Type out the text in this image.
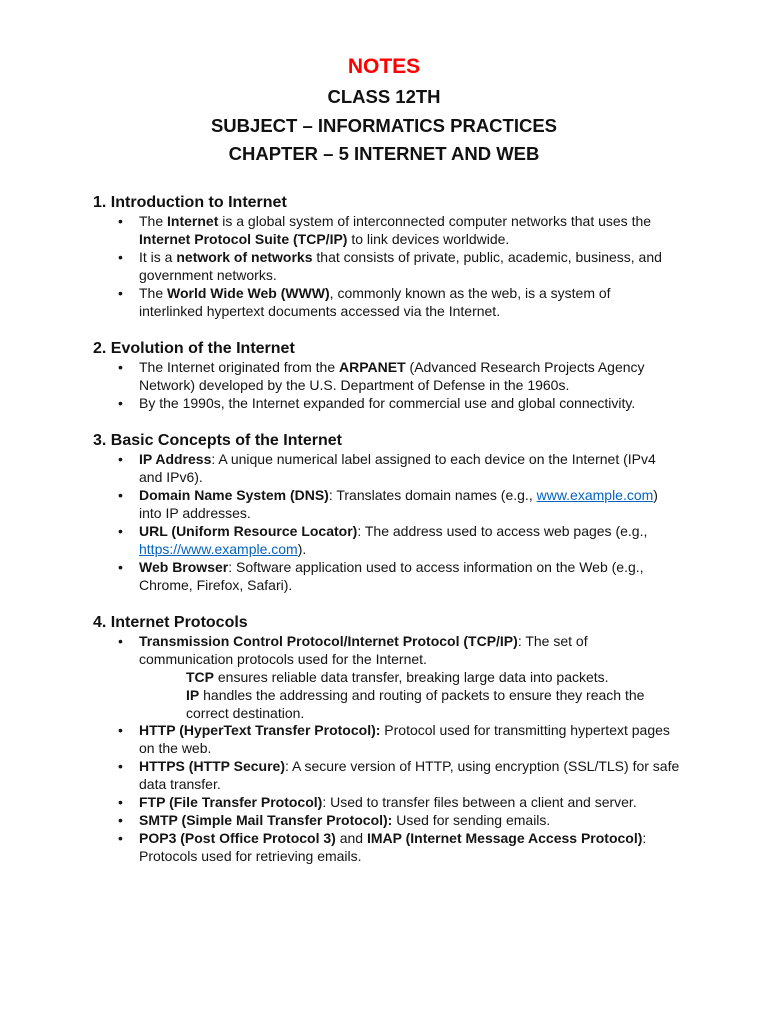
NOTES
CLASS 12TH
SUBJECT – INFORMATICS PRACTICES
CHAPTER – 5 INTERNET AND WEB
1. Introduction to Internet
• The Internet is a global system of interconnected computer networks that uses the
Internet Protocol Suite (TCP/IP) to link devices worldwide.
• It is a network of networks that consists of private, public, academic, business, and
government networks.
• The World Wide Web (WWW), commonly known as the web, is a system of
interlinked hypertext documents accessed via the Internet.
2. Evolution of the Internet
• The Internet originated from the ARPANET (Advanced Research Projects Agency
Network) developed by the U.S. Department of Defense in the 1960s.
• By the 1990s, the Internet expanded for commercial use and global connectivity.
3. Basic Concepts of the Internet
• IP Address: A unique numerical label assigned to each device on the Internet (IPv4
and IPv6).
• Domain Name System (DNS): Translates domain names (e.g., www.example.com)
into IP addresses.
• URL (Uniform Resource Locator): The address used to access web pages (e.g.,
https://www.example.com).
• Web Browser: Software application used to access information on the Web (e.g.,
Chrome, Firefox, Safari).
4. Internet Protocols
• Transmission Control Protocol/Internet Protocol (TCP/IP): The set of
communication protocols used for the Internet.
TCP ensures reliable data transfer, breaking large data into packets.
IP handles the addressing and routing of packets to ensure they reach the
correct destination.
• HTTP (HyperText Transfer Protocol): Protocol used for transmitting hypertext pages
on the web.
• HTTPS (HTTP Secure): A secure version of HTTP, using encryption (SSL/TLS) for safe
data transfer.
• FTP (File Transfer Protocol): Used to transfer files between a client and server.
• SMTP (Simple Mail Transfer Protocol): Used for sending emails.
• POP3 (Post Office Protocol 3) and IMAP (Internet Message Access Protocol):
Protocols used for retrieving emails.
